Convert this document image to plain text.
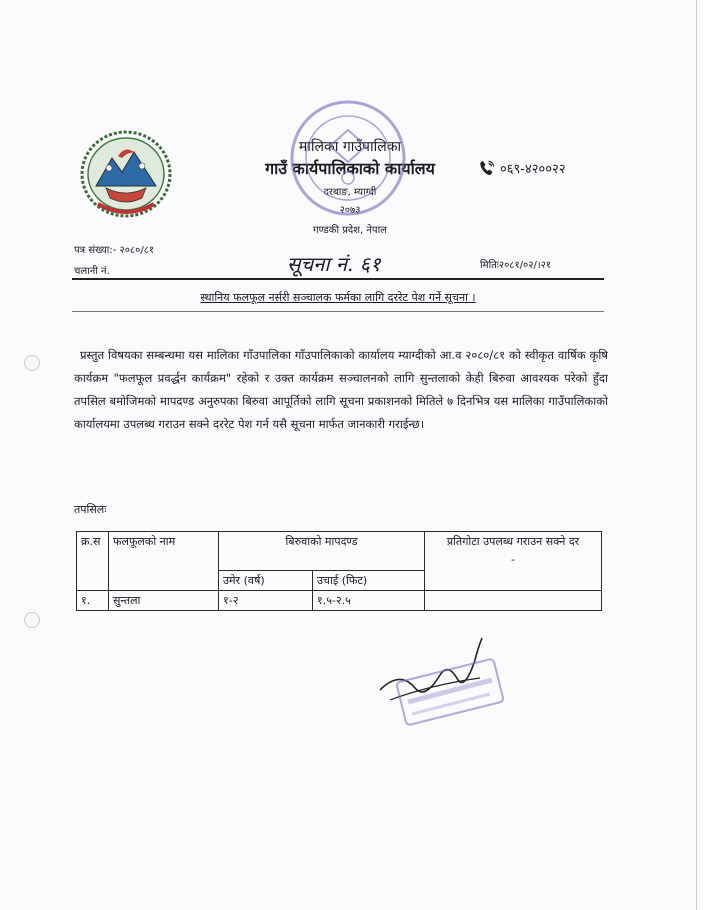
मालिका गाउँपालिका
गाउँ कार्यपालिकाको कार्यालय
दरबाङ, म्याग्दी
२०७३
गण्डकी प्रदेश, नेपाल
०६९-४२००२२
पत्र संख्या:- २०८०/८१
चलानी नं.	सूचना नं. ६१	मितिः२०८१/०२/।२१
स्थानिय फलफूल नर्सरी सञ्चालक फर्मका लागि दररेट पेश गर्ने सूचना ।
प्रस्तुत विषयका सम्बन्धमा यस मालिका गाँउपालिका गाँउपालिकाको कार्यालय म्याग्दीको आ.व २०८०/८१ को स्वीकृत वार्षिक कृषि कार्यक्रम "फलफूल प्रवर्द्धन कार्यक्रम" रहेको र उक्त कार्यक्रम सञ्चालनको लागि सुन्तलाको केही बिरुवा आवश्यक परेको हुँदा तपसिल बमोजिमको मापदण्ड अनुरुपका बिरुवा आपूर्तिको लागि सूचना प्रकाशनको मितिले ७ दिनभित्र यस मालिका गाउँपालिकाको कार्यालयमा उपलब्ध गराउन सक्ने दररेट पेश गर्न यसै सूचना मार्फत जानकारी गराईन्छ।
तपसिलः
क्र.स	फलफूलको नाम	बिरुवाको मापदण्ड		प्रतिगोटा उपलब्ध गराउन सक्ने दर
-

		उमेर (वर्ष)	उचाई (फिट)	
१.	सुन्तला	१-२	१.५-२.५	
